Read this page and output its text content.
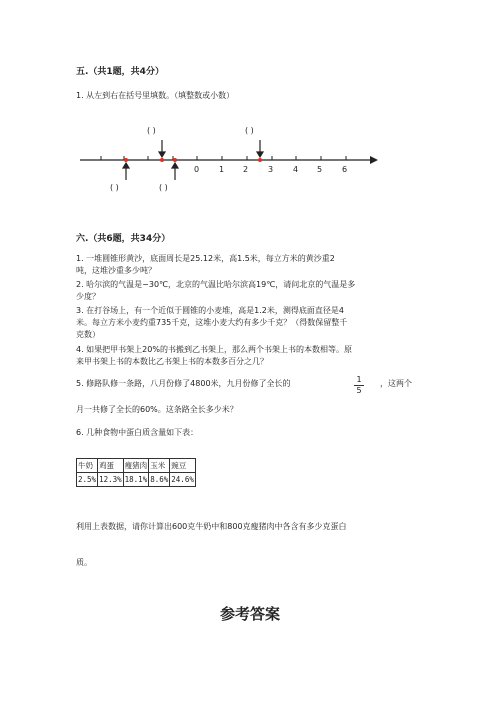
五.（共1题，共4分）
1. 从左到右在括号里填数。（填整数或小数）
( )	( )
( )	( )
0 1 2 3 4 5 6
六.（共6题，共34分）
1. 一堆圆锥形黄沙，底面周长是25.12米，高1.5米，每立方米的黄沙重2
吨，这堆沙重多少吨？
2. 哈尔滨的气温是−30℃，北京的气温比哈尔滨高19℃，请问北京的气温是多
少度？
3. 在打谷场上，有一个近似于圆锥的小麦堆，高是1.2米，测得底面直径是4
米。每立方米小麦约重735千克，这堆小麦大约有多少千克？（得数保留整千
克数）
4. 如果把甲书架上20%的书搬到乙书架上，那么两个书架上书的本数相等。原
来甲书架上书的本数比乙书架上书的本数多百分之几？
5. 修路队修一条路，八月份修了4800米，九月份修了全长的	$\frac{1}{5}$ ，这两个
月一共修了全长的60%。这条路全长多少米？
6. 几种食物中蛋白质含量如下表：
牛奶	鸡蛋	瘦猪肉	玉米	豌豆
2.5%	12.3%	18.1%	8.6%	24.6%
利用上表数据，请你计算出600克牛奶中和800克瘦猪肉中各含有多少克蛋白
质。
参考答案
